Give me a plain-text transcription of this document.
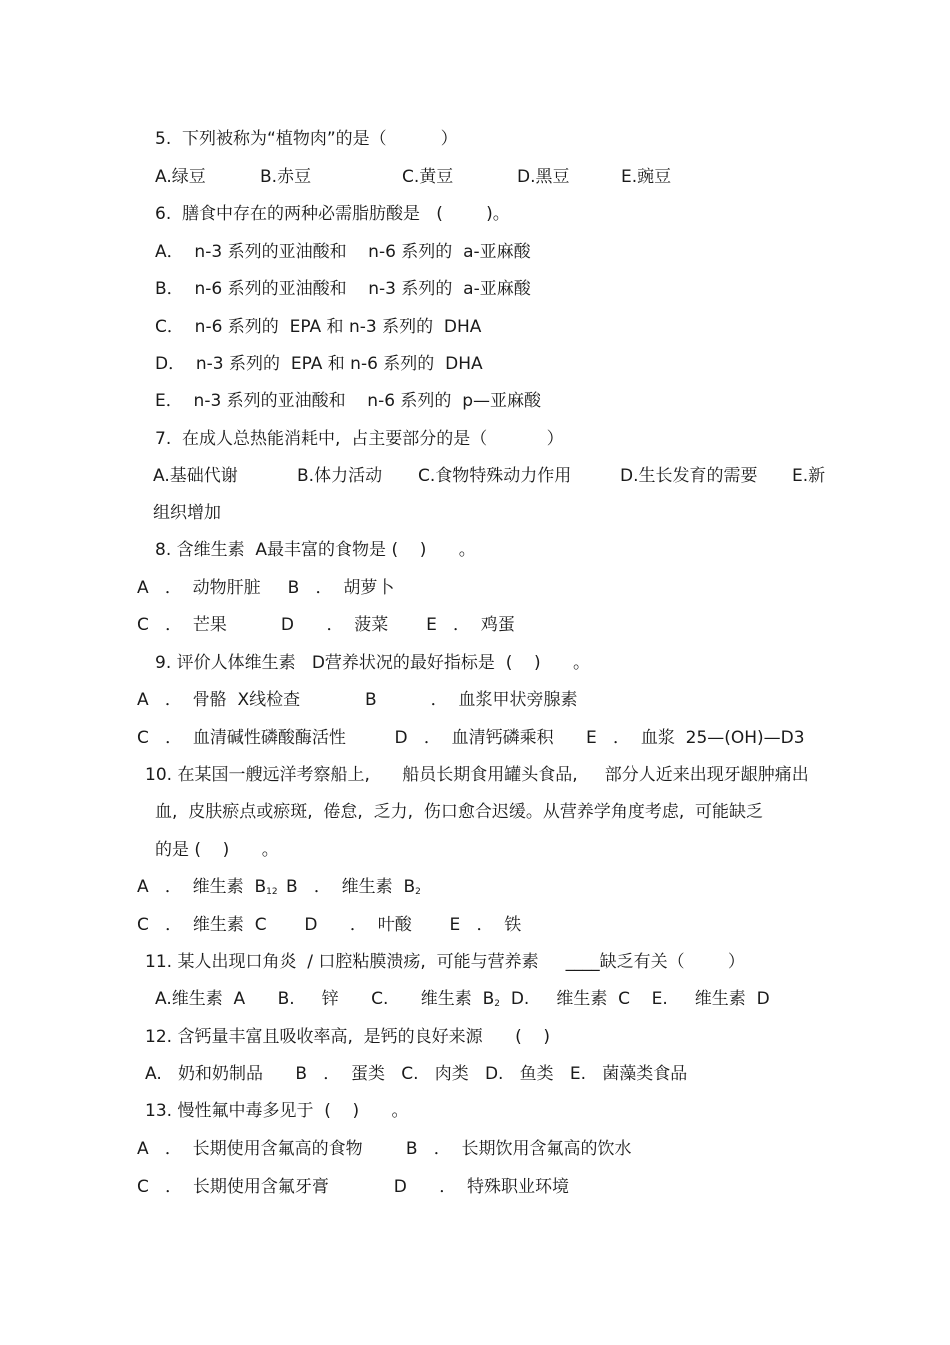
5.  下列被称为“植物肉”的是（          ）
A.绿豆	B.赤豆	C.黄豆	D.黑豆	E.豌豆
6.  膳食中存在的两种必需脂肪酸是   (        )。
A．  n-3 系列的亚油酸和    n-6 系列的  a-亚麻酸
B．  n-6 系列的亚油酸和    n-3 系列的  a-亚麻酸
C．  n-6 系列的  EPA 和 n-3 系列的  DHA
D．  n-3 系列的  EPA 和 n-6 系列的  DHA
E．  n-3 系列的亚油酸和    n-6 系列的  p—亚麻酸
7.  在成人总热能消耗中,  占主要部分的是（           ）
A.基础代谢	B.体力活动 C.食物特殊动力作用	D.生长发育的需要 E.新
组织增加
8. 含维生素  A最丰富的食物是 (    )      。
A   ．  动物肝脏     B   ．  胡萝卜
C   ．  芒果          D      ．  菠菜       E   ．  鸡蛋
9. 评价人体维生素   D营养状况的最好指标是  (    )      。
A   ．  骨骼  X线检查            B          ．  血浆甲状旁腺素
C   ．  血清碱性磷酸酶活性         D   ．  血清钙磷乘积      E   ．  血浆  25—(OH)—D3
10. 在某国一艘远洋考察船上,      船员长期食用罐头食品,     部分人近来出现牙龈肿痛出
血,  皮肤瘀点或瘀斑,  倦怠,  乏力,  伤口愈合迟缓。从营养学角度考虑,  可能缺乏
的是 (    )      。
A   ．  维生素  $B_{12}$ B   ．  维生素  $B_2$
C   ．  维生素  C       D      ．  叶酸       E   ．  铁
11. 某人出现口角炎  / 口腔粘膜溃疡,  可能与营养素     ____缺乏有关（        ）
A.维生素  A      B.     锌      C.      维生素  $B_2$  D.     维生素  C    E.     维生素  D
12. 含钙量丰富且吸收率高,  是钙的良好来源      (    )
A.   奶和奶制品      B   ．  蛋类   C.   肉类   D.   鱼类   E.   菌藻类食品
13. 慢性氟中毒多见于  (    )      。
A   ．  长期使用含氟高的食物        B   ．  长期饮用含氟高的饮水
C   ．  长期使用含氟牙膏            D      ．  特殊职业环境
